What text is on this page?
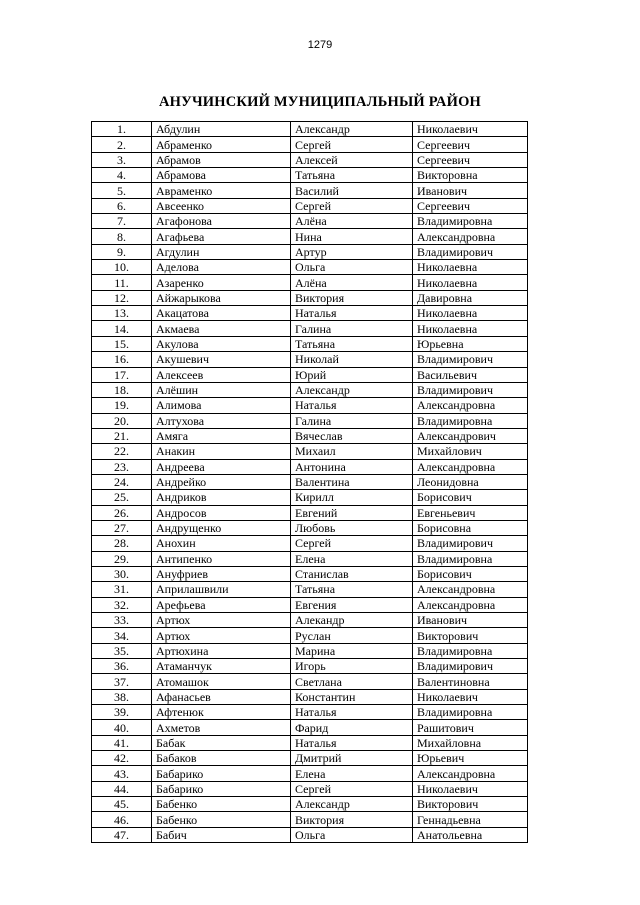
1279
АНУЧИНСКИЙ МУНИЦИПАЛЬНЫЙ РАЙОН
1.	Абдулин	Александр	Николаевич
2.	Абраменко	Сергей	Сергеевич
3.	Абрамов	Алексей	Сергеевич
4.	Абрамова	Татьяна	Викторовна
5.	Авраменко	Василий	Иванович
6.	Авсеенко	Сергей	Сергеевич
7.	Агафонова	Алёна	Владимировна
8.	Агафьева	Нина	Александровна
9.	Агдулин	Артур	Владимирович
10.	Аделова	Ольга	Николаевна
11.	Азаренко	Алёна	Николаевна
12.	Айжарыкова	Виктория	Давировна
13.	Акацатова	Наталья	Николаевна
14.	Акмаева	Галина	Николаевна
15.	Акулова	Татьяна	Юрьевна
16.	Акушевич	Николай	Владимирович
17.	Алексеев	Юрий	Васильевич
18.	Алёшин	Александр	Владимирович
19.	Алимова	Наталья	Александровна
20.	Алтухова	Галина	Владимировна
21.	Амяга	Вячеслав	Александрович
22.	Анакин	Михаил	Михайлович
23.	Андреева	Антонина	Александровна
24.	Андрейко	Валентина	Леонидовна
25.	Андриков	Кирилл	Борисович
26.	Андросов	Евгений	Евгеньевич
27.	Андрущенко	Любовь	Борисовна
28.	Анохин	Сергей	Владимирович
29.	Антипенко	Елена	Владимировна
30.	Ануфриев	Станислав	Борисович
31.	Априлашвили	Татьяна	Александровна
32.	Арефьева	Евгения	Александровна
33.	Артюх	Алекандр	Иванович
34.	Артюх	Руслан	Викторович
35.	Артюхина	Марина	Владимировна
36.	Атаманчук	Игорь	Владимирович
37.	Атомашок	Светлана	Валентиновна
38.	Афанасьев	Константин	Николаевич
39.	Афтенюк	Наталья	Владимировна
40.	Ахметов	Фарид	Рашитович
41.	Бабак	Наталья	Михайловна
42.	Бабаков	Дмитрий	Юрьевич
43.	Бабарико	Елена	Александровна
44.	Бабарико	Сергей	Николаевич
45.	Бабенко	Александр	Викторович
46.	Бабенко	Виктория	Геннадьевна
47.	Бабич	Ольга	Анатольевна
